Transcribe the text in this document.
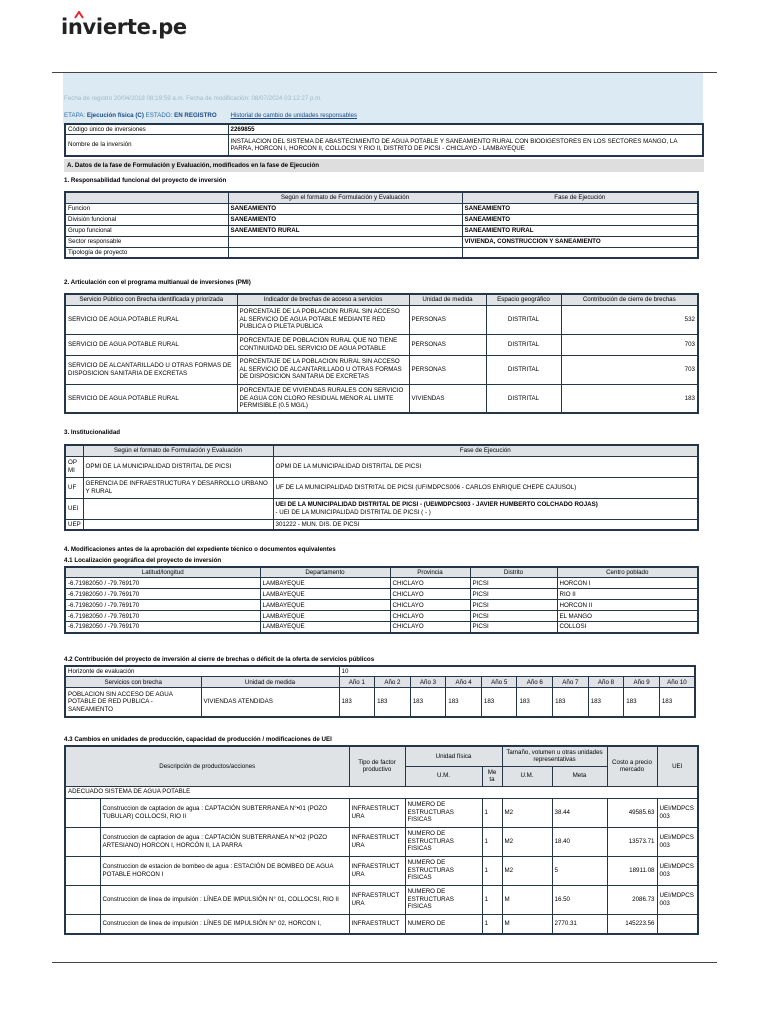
invierte.pe
Fecha de registro 20/04/2018 08:19:59 a.m. Fecha de modificación: 08/07/2024 03:12:27 p.m.
ETAPA: Ejecución física (C) ESTADO: EN REGISTRO Historial de cambio de unidades responsables
Código único de inversiones	2269855
Nombre de la inversión	INSTALACION DEL SISTEMA DE ABASTECIMIENTO DE AGUA POTABLE Y SANEAMIENTO RURAL CON BIODIGESTORES EN LOS SECTORES MANGO, LA PARRA, HORCON I, HORCON II, COLLOCSI Y RIO II, DISTRITO DE PICSI - CHICLAYO - LAMBAYEQUE
A. Datos de la fase de Formulación y Evaluación, modificados en la fase de Ejecución
1. Responsabilidad funcional del proyecto de inversión
	Según el formato de Formulación y Evaluación	Fase de Ejecución
Funcion	SANEAMIENTO	SANEAMIENTO
División funcional	SANEAMIENTO	SANEAMIENTO
Grupo funcional	SANEAMIENTO RURAL	SANEAMIENTO RURAL
Sector responsable		VIVIENDA, CONSTRUCCION Y SANEAMIENTO
Tipología de proyecto		
2. Articulación con el programa multianual de inversiones (PMI)
Servicio Público con Brecha identificada y priorizada	Indicador de brechas de acceso a servicios	Unidad de medida	Espacio geográfico	Contribución de cierre de brechas
SERVICIO DE AGUA POTABLE RURAL	PORCENTAJE DE LA POBLACION RURAL SIN ACCESO AL SERVICIO DE AGUA POTABLE MEDIANTE RED PUBLICA O PILETA PUBLICA	PERSONAS	DISTRITAL	532
SERVICIO DE AGUA POTABLE RURAL	PORCENTAJE DE POBLACION RURAL QUE NO TIENE CONTINUIDAD DEL SERVICIO DE AGUA POTABLE	PERSONAS	DISTRITAL	703
SERVICIO DE ALCANTARILLADO U OTRAS FORMAS DE DISPOSICION SANITARIA DE EXCRETAS	PORCENTAJE DE LA POBLACION RURAL SIN ACCESO AL SERVICIO DE ALCANTARILLADO U OTRAS FORMAS DE DISPOSICION SANITARIA DE EXCRETAS	PERSONAS	DISTRITAL	703
SERVICIO DE AGUA POTABLE RURAL	PORCENTAJE DE VIVIENDAS RURALES CON SERVICIO DE AGUA CON CLORO RESIDUAL MENOR AL LIMITE PERMISIBLE (0.5 MG/L)	VIVIENDAS	DISTRITAL	183
3. Institucionalidad
	Según el formato de Formulación y Evaluación	Fase de Ejecución
OP MI	OPMI DE LA MUNICIPALIDAD DISTRITAL DE PICSI	OPMI DE LA MUNICIPALIDAD DISTRITAL DE PICSI
UF	GERENCIA DE INFRAESTRUCTURA Y DESARROLLO URBANO Y RURAL	UF DE LA MUNICIPALIDAD DISTRITAL DE PICSI (UF/MDPCS006 - CARLOS ENRIQUE CHEPE CAJUSOL)
UEI		UEI DE LA MUNICIPALIDAD DISTRITAL DE PICSI - (UEI/MDPCS003 - JAVIER HUMBERTO COLCHADO ROJAS)
- UEI DE LA MUNICIPALIDAD DISTRITAL DE PICSI ( - )

UEP		301222 - MUN. DIS. DE PICSI
4. Modificaciones antes de la aprobación del expediente técnico o documentos equivalentes
4.1 Localización geográfica del proyecto de inversión
Latitud/longitud	Departamento	Provincia	Distrito	Centro poblado
-6.71982050 / -79.769170	LAMBAYEQUE	CHICLAYO	PICSI	HORCON I
-6.71982050 / -79.769170	LAMBAYEQUE	CHICLAYO	PICSI	RIO II
-6.71982050 / -79.769170	LAMBAYEQUE	CHICLAYO	PICSI	HORCON II
-6.71982050 / -79.769170	LAMBAYEQUE	CHICLAYO	PICSI	EL MANGO
-6.71982050 / -79.769170	LAMBAYEQUE	CHICLAYO	PICSI	COLLOSI
4.2 Contribución del proyecto de inversión al cierre de brechas o déficit de la oferta de servicios públicos
Horizonte de evaluación		10									
Servicios con brecha	Unidad de medida	Año 1	Año 2	Año 3	Año 4	Año 5	Año 6	Año 7	Año 8	Año 9	Año 10
POBLACION SIN ACCESO DE AGUA POTABLE DE RED PUBLICA - SANEAMIENTO	VIVIENDAS ATENDIDAS	183	183	183	183	183	183	183	183	183	183
4.3 Cambios en unidades de producción, capacidad de producción / modificaciones de UEI
Descripción de productos/acciones		Tipo de factor productivo	Unidad física		Tamaño, volumen u otras unidades representativas		Costo a precio mercado	UEI
			U.M.	Me ta	U.M.	Meta		
ADECUADO SISTEMA DE AGUA POTABLE								
	Construccion de captacion de agua : CAPTACIÓN SUBTERRANEA N°•01 (POZO TUBULAR) COLLOCSI, RIO II	INFRAESTRUCT URA	NUMERO DE ESTRUCTURAS FISICAS	1	M2	38.44	49585.63	UEI/MDPCS 003
	Construccion de captacion de agua : CAPTACIÓN SUBTERRANEA N°•02 (POZO ARTESIANO) HORCON I, HORCÓN II, LA PARRA	INFRAESTRUCT URA	NUMERO DE ESTRUCTURAS FISICAS	1	M2	18.40	13573.71	UEI/MDPCS 003
	Construccion de estacion de bombeo de agua : ESTACIÓN DE BOMBEO DE AGUA POTABLE HORCON I	INFRAESTRUCT URA	NUMERO DE ESTRUCTURAS FISICAS	1	M2	5	18911.08	UEI/MDPCS 003
	Construccion de linea de impulsión : LÍNEA DE IMPULSIÓN N° 01, COLLOCSI, RIO II	INFRAESTRUCT URA	NUMERO DE ESTRUCTURAS FISICAS	1	M	16.50	2086.73	UEI/MDPCS 003
	Construccion de linea de impulsión : LÍNES DE IMPULSIÓN N° 02, HORCON I,	INFRAESTRUCT	NUMERO DE	1	M	2770.31	145223.56	
